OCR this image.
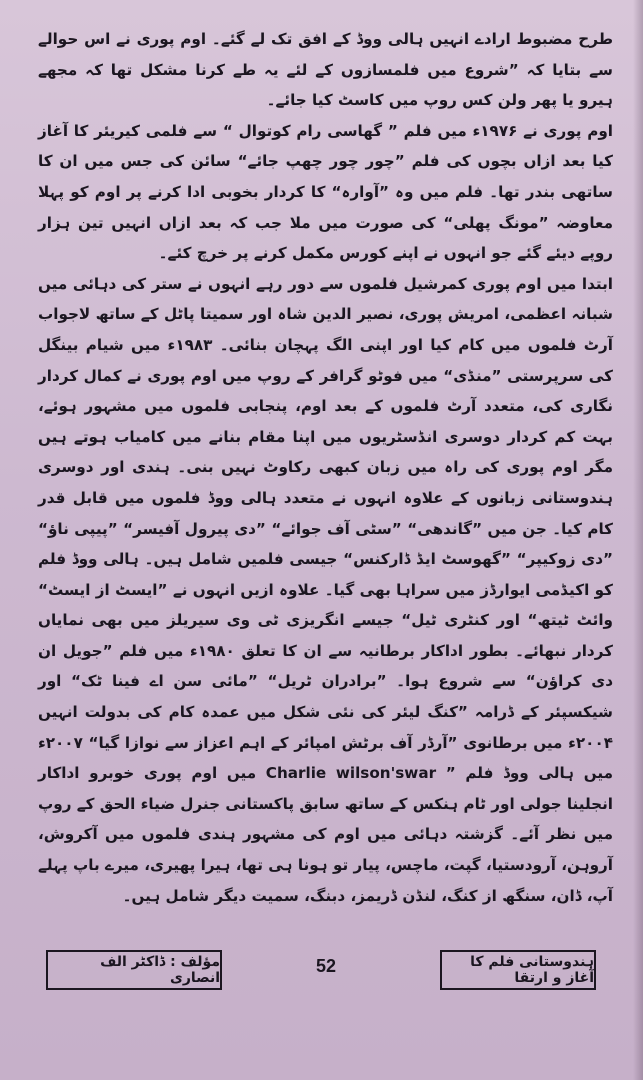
طرح مضبوط ارادے انہیں ہالی ووڈ کے افق تک لے گئے۔ اوم پوری نے اس حوالے سے بتایا کہ ”شروع میں فلمسازوں کے لئے یہ طے کرنا مشکل تھا کہ مجھے ہیرو یا پھر ولن کس روپ میں کاسٹ کیا جائے۔

اوم پوری نے ۱۹۷۶ء میں فلم ” گھاسی رام کوتوال “ سے فلمی کیریئر کا آغاز کیا بعد ازاں بچوں کی فلم ”چور چور چھپ جائے“ سائن کی جس میں ان کا ساتھی بندر تھا۔ فلم میں وہ ”آوارہ“ کا کردار بخوبی ادا کرنے پر اوم کو پہلا معاوضہ ”مونگ پھلی“ کی صورت میں ملا جب کہ بعد ازاں انہیں تین ہزار روپے دیئے گئے جو انہوں نے اپنے کورس مکمل کرنے پر خرچ کئے۔

ابتدا میں اوم پوری کمرشیل فلموں سے دور رہے انہوں نے ستر کی دہائی میں شبانہ اعظمی، امریش پوری، نصیر الدین شاہ اور سمیتا پاٹل کے ساتھ لاجواب آرٹ فلموں میں کام کیا اور اپنی الگ پہچان بنائی۔ ۱۹۸۳ء میں شیام بینگل کی سرپرستی ”منڈی“ میں فوٹو گرافر کے روپ میں اوم پوری نے کمال کردار نگاری کی، متعدد آرٹ فلموں کے بعد اوم، پنجابی فلموں میں مشہور ہوئے، بہت کم کردار دوسری انڈسٹریوں میں اپنا مقام بنانے میں کامیاب ہوتے ہیں مگر اوم پوری کی راہ میں زبان کبھی رکاوٹ نہیں بنی۔ ہندی اور دوسری ہندوستانی زبانوں کے علاوہ انہوں نے متعدد ہالی ووڈ فلموں میں قابل قدر کام کیا۔ جن میں ”گاندھی“ ”سٹی آف جوائے“ ”دی پیرول آفیسر“ ”پیپی ناؤ“ ”دی زوکیپر“ ”گھوسٹ ایڈ ڈارکنس“ جیسی فلمیں شامل ہیں۔ ہالی ووڈ فلم کو اکیڈمی ایوارڈز میں سراہا بھی گیا۔ علاوہ ازیں انہوں نے ”ایسٹ از ایسٹ“ وائٹ ٹیتھ“ اور کنٹری ٹیل“ جیسے انگریزی ٹی وی سیریلز میں بھی نمایاں کردار نبھائے۔ بطور اداکار برطانیہ سے ان کا تعلق ۱۹۸۰ء میں فلم ”جویل ان دی کراؤن“ سے شروع ہوا۔ ”برادران ٹریل“ ”مائی سن اے فینا ٹک“ اور شیکسپئر کے ڈرامہ ”کنگ لیئر کی نئی شکل میں عمدہ کام کی بدولت انہیں ۲۰۰۴ء میں برطانوی ”آرڈر آف برٹش امپائر کے اہم اعزاز سے نوازا گیا“ ۲۰۰۷ء میں ہالی ووڈ فلم ” Charlie wilson'swar میں اوم پوری خوبرو اداکار انجلینا جولی اور ٹام ہنکس کے ساتھ سابق پاکستانی جنرل ضیاء الحق کے روپ میں نظر آئے۔ گزشتہ دہائی میں اوم کی مشہور ہندی فلموں میں آکروش، آروہن، آرودستیا، گپت، ماچس، پیار تو ہونا ہی تھا، ہیرا پھیری، میرے باپ پہلے آپ، ڈان، سنگھ از کنگ، لنڈن ڈریمز، دبنگ، سمیت دیگر شامل ہیں۔

مؤلف : ڈاکٹر الف انصاری
52	ہندوستانی فلم کا آغاز و ارتقا
